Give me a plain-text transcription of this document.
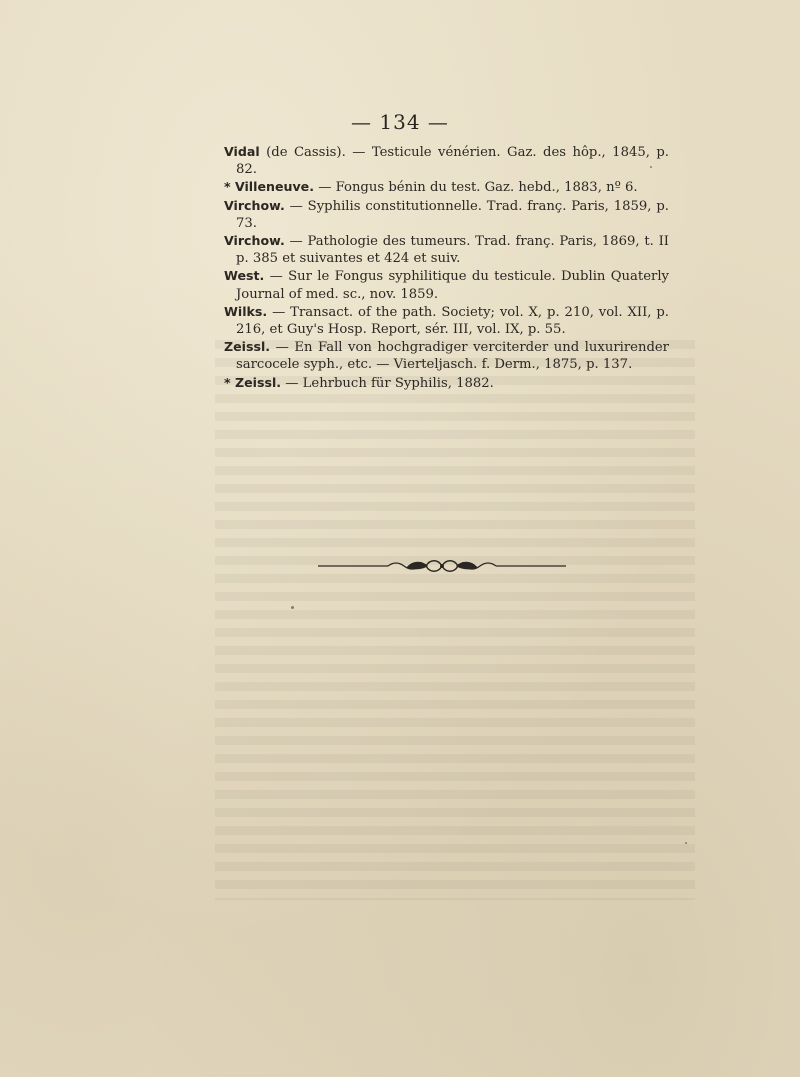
— 134 —

Vidal (de Cassis). — Testicule vénérien. Gaz. des hôp., 1845, p. 82.

* Villeneuve. — Fongus bénin du test. Gaz. hebd., 1883, nº 6.

Virchow. — Syphilis constitutionnelle. Trad. franç. Paris, 1859, p. 73.

Virchow. — Pathologie des tumeurs. Trad. franç. Paris, 1869, t. II p. 385 et suivantes et 424 et suiv.

West. — Sur le Fongus syphilitique du testicule. Dublin Quaterly Journal of med. sc., nov. 1859.

Wilks. — Transact. of the path. Society; vol. X, p. 210, vol. XII, p. 216, et Guy's Hosp. Report, sér. III, vol. IX, p. 55.

Zeissl. — En Fall von hochgradiger verciterder und luxurirender sarcocele syph., etc. — Vierteljasch. f. Derm., 1875, p. 137.

* Zeissl. — Lehrbuch für Syphilis, 1882.
